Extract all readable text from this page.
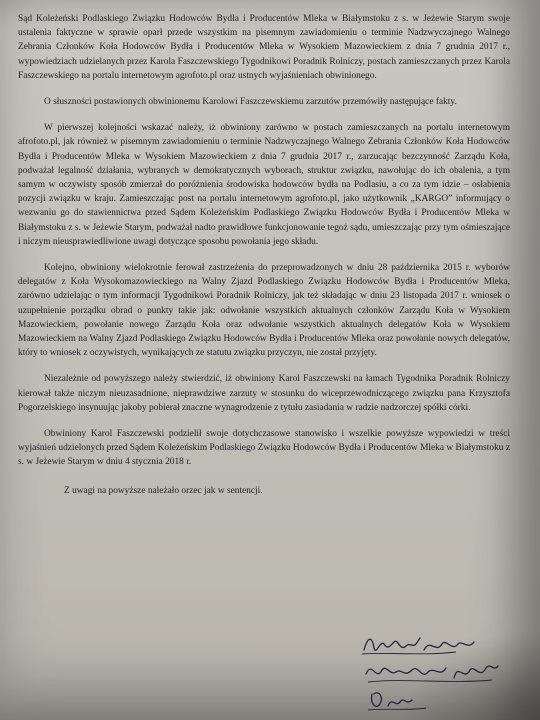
Sąd Koleżeński Podlaskiego Związku Hodowców Bydła i Producentów Mleka w Białymstoku z s. w Jeżewie Starym swoje ustalenia faktyczne w sprawie oparł przede wszystkim na pisemnym zawiadomieniu o terminie Nadzwyczajnego Walnego Zebrania Członków Koła Hodowców Bydła i Producentów Mleka w Wysokiem Mazowieckiem z dnia 7 grudnia 2017 r., wypowiedziach udzielanych przez Karola Faszczewskiego Tygodnikowi Poradnik Rolniczy, postach zamieszczanych przez Karola Faszczewskiego na portalu internetowym agrofoto.pl oraz ustnych wyjaśnieniach obwinionego.

O słuszności postawionych obwinionemu Karolowi Faszczewskiemu zarzutów przemówiły następujące fakty.

W pierwszej kolejności wskazać należy, iż obwiniony zarówno w postach zamieszczanych na portalu internetowym afrofoto.pl, jak również w pisemnym zawiadomieniu o terminie Nadzwyczajnego Walnego Zebrania Członków Koła Hodowców Bydła i Producentów Mleka w Wysokiem Mazowieckiem z dnia 7 grudnia 2017 r., zarzucając bezczynność Zarządu Koła, podważał legalność działania, wybranych w demokratycznych wyborach, struktur związku, nawołując do ich obalenia, a tym samym w oczywisty sposób zmierzał do poróżnienia środowiska hodowców bydła na Podlasiu, a co za tym idzie – osłabienia pozycji związku w kraju. Zamieszczając post na portalu internetowym agrofoto.pl, jako użytkownik „KARGO” informujący o wezwaniu go do stawiennictwa przed Sądem Koleżeńskim Podlaskiego Związku Hodowców Bydła i Producentów Mleka w Białymstoku z s. w Jeżewie Starym, podważał nadto prawidłowe funkcjonowanie tegoż sądu, umieszczając przy tym ośmieszające i niczym nieusprawiedliwione uwagi dotyczące sposobu powołania jego składu.

Kolejno, obwiniony wielokrotnie ferował zastrzeżenia do przeprowadzonych w dniu 28 października 2015 r. wyborów delegatów z Koła Wysokomazowieckiego na Walny Zjazd Podlaskiego Związku Hodowców Bydła i Producentów Mleka, zarówno udzielając o tym informacji Tygodnikowi Poradnik Rolniczy, jak też składając w dniu 23 listopada 2017 r. wniosek o uzupełnienie porządku obrad o punkty takie jak: odwołanie wszystkich aktualnych członków Zarządu Koła w Wysokiem Mazowieckiem, powołanie nowego Zarządu Koła oraz odwołanie wszystkich aktualnych delegatów Koła w Wysokiem Mazowieckiem na Walny Zjazd Podlaskiego Związku Hodowców Bydła i Producentów Mleka oraz powołanie nowych delegatów, który to wniosek z oczywistych, wynikających ze statutu związku przyczyn, nie został przyjęty.

Niezależnie od powyższego należy stwierdzić, iż obwiniony Karol Faszczewski na łamach Tygodnika Poradnik Rolniczy kierował także niczym nieuzasadnione, nieprawdziwe zarzuty w stosunku do wiceprzewodniczącego związku pana Krzysztofa Pogorzelskiego insynuując jakoby pobierał znaczne wynagrodzenie z tytułu zasiadania w radzie nadzorczej spółki córki.

Obwiniony Karol Faszczewski podzielił swoje dotychczasowe stanowisko i wszelkie powyższe wypowiedzi w treści wyjaśnień udzielonych przed Sądem Koleżeńskim Podlaskiego Związku Hodowców Bydła i Producentów Mleka w Białymstoku z s. w Jeżewie Starym w dniu 4 stycznia 2018 r.

Z uwagi na powyższe należało orzec jak w sentencji.
